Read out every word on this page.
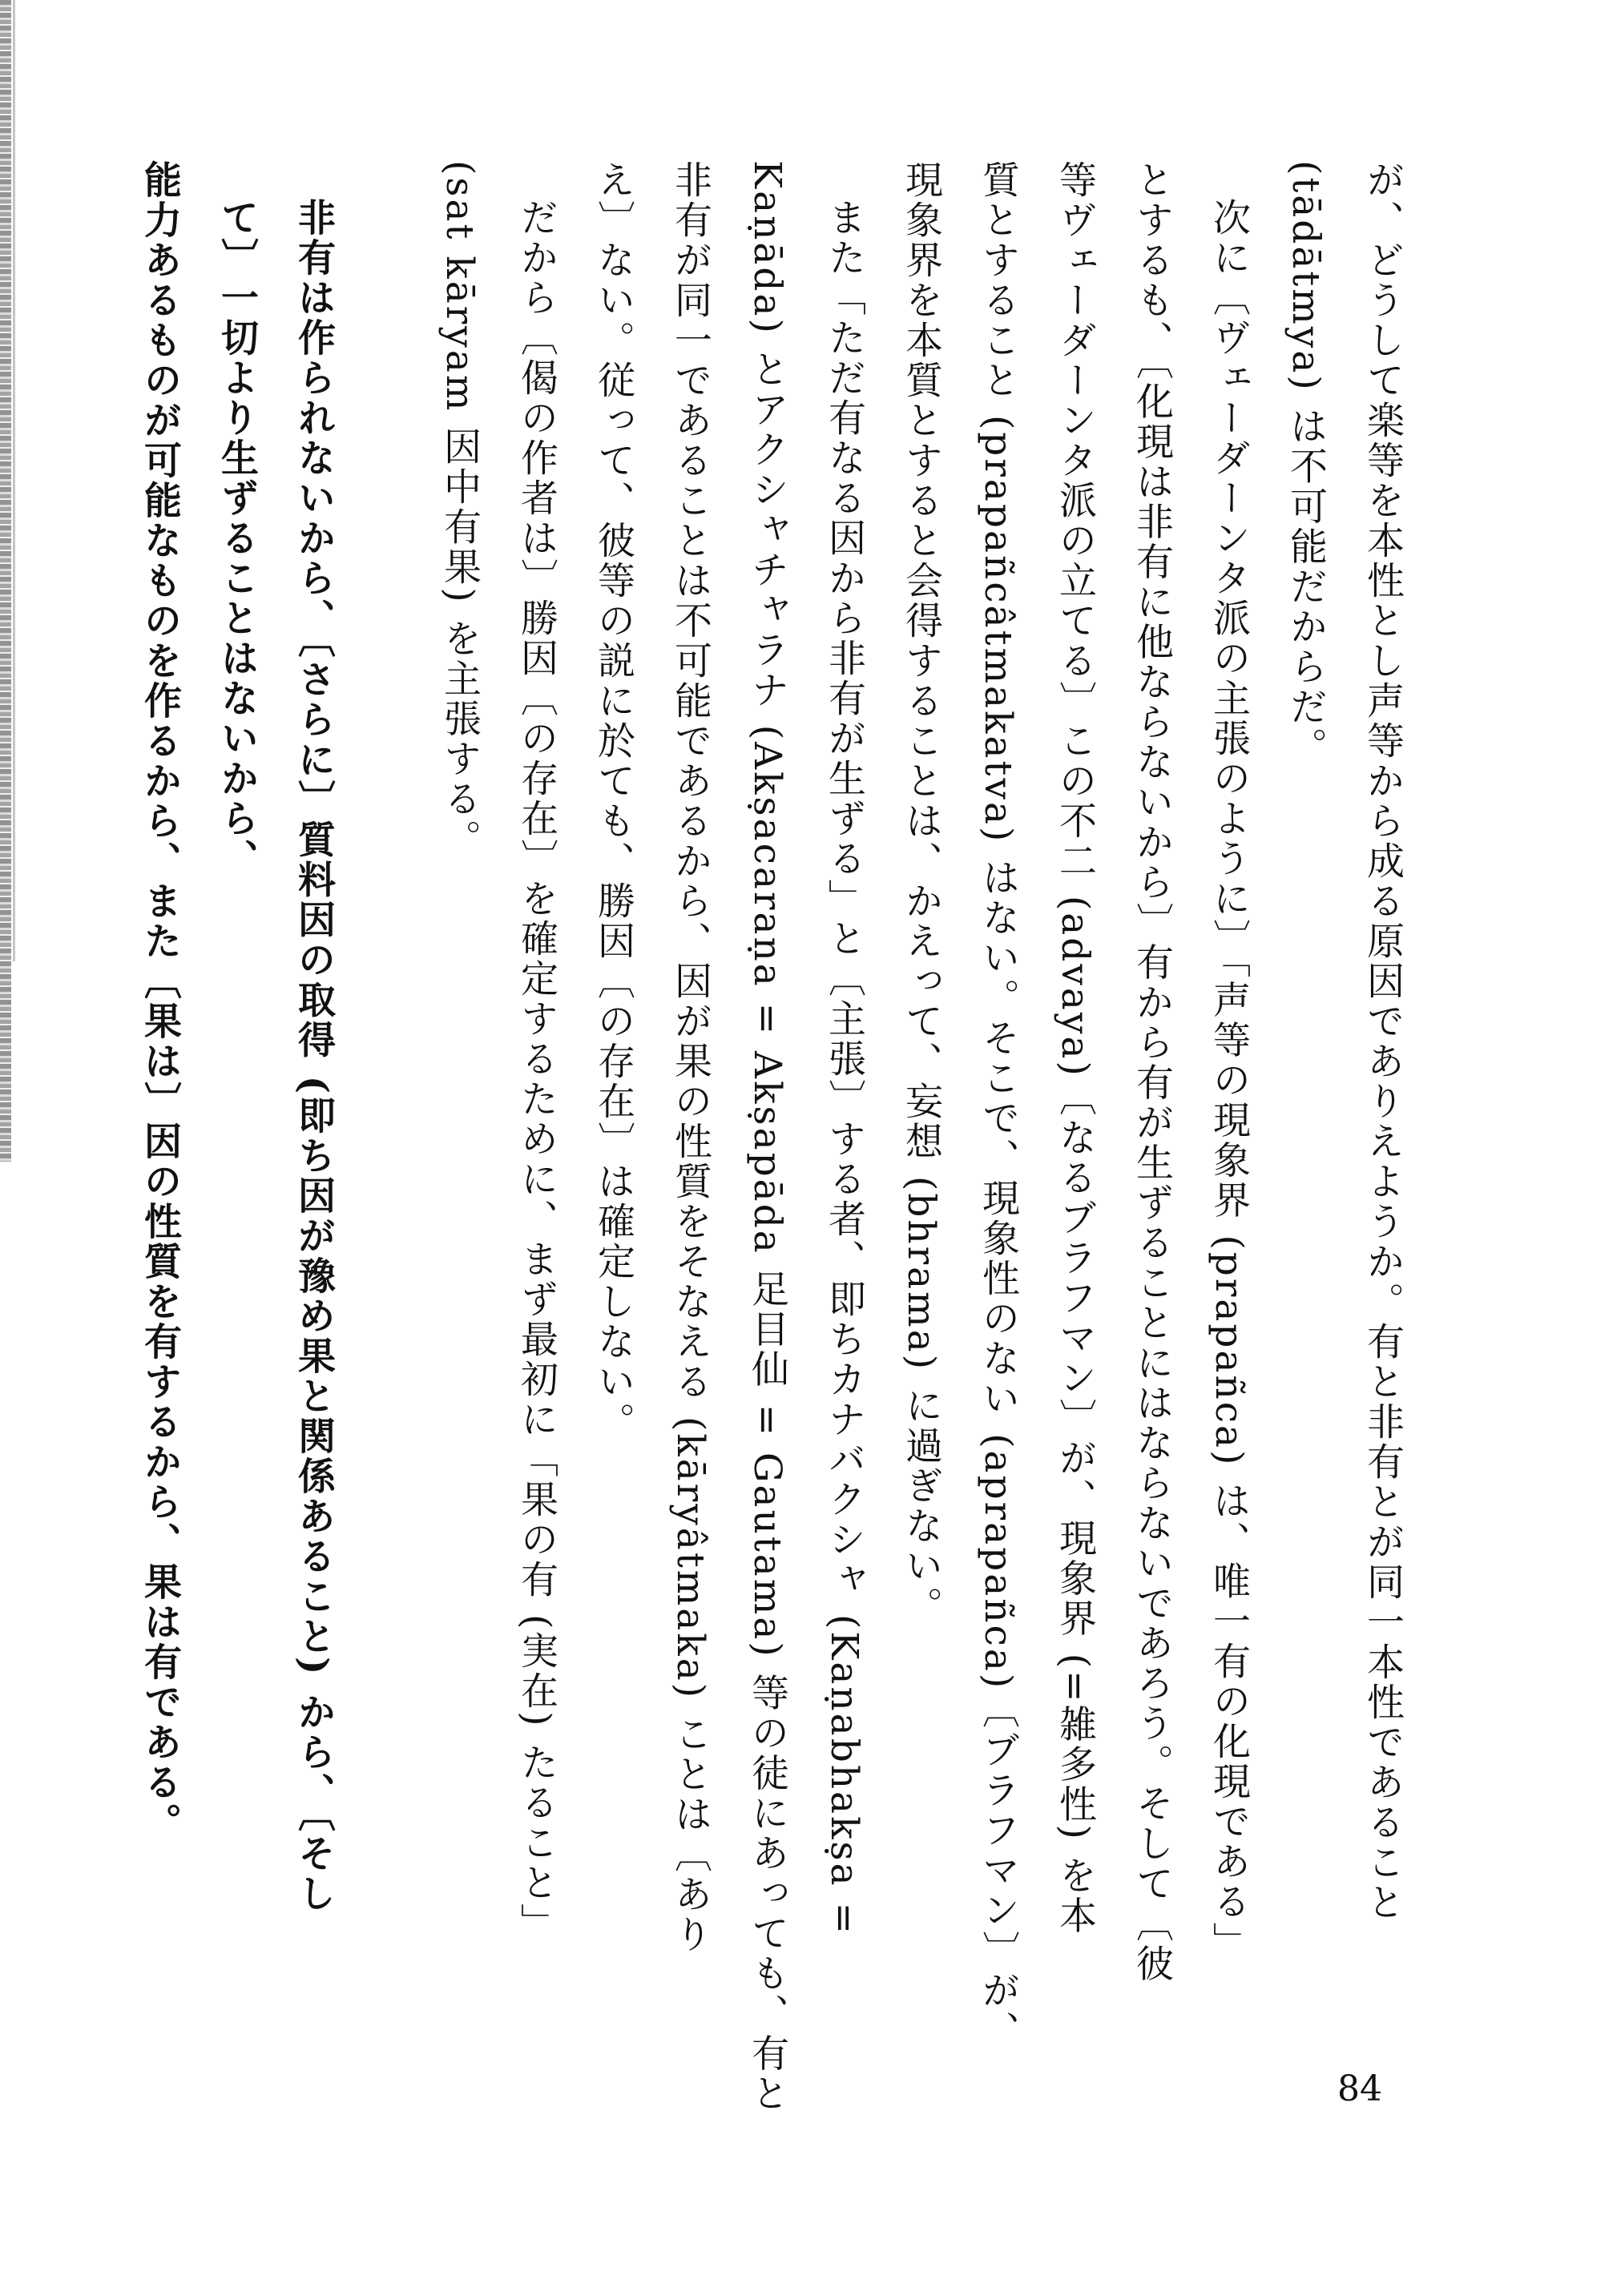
が、どうして楽等を本性とし声等から成る原因でありえようか。有と非有とが同一本性であること
(tādātmya) は不可能だからだ。
次に〔ヴェーダーンタ派の主張のように〕「声等の現象界 (prapañca) は、唯一有の化現である」
とするも、〔化現は非有に他ならないから〕有から有が生ずることにはならないであろう。そして〔彼
等ヴェーダーンタ派の立てる〕この不二 (advaya)〔なるブラフマン〕が、現象界 (=雑多性) を本
質とすること (prapañcâtmakatva) はない。そこで、現象性のない (aprapañca)〔ブラフマン〕が、
現象界を本質とすると会得することは、かえって、妄想 (bhrama) に過ぎない。
また「ただ有なる因から非有が生ずる」と〔主張〕する者、即ちカナバクシャ (Kaṇabhakṣa =
Kaṇāda) とアクシャチャラナ (Akṣacaraṇa = Akṣapāda 足目仙 = Gautama) 等の徒にあっても、有と
非有が同一であることは不可能であるから、因が果の性質をそなえる (kāryâtmaka) ことは〔あり
え〕ない。従って、彼等の説に於ても、勝因〔の存在〕は確定しない。
だから〔偈の作者は〕勝因〔の存在〕を確定するために、まず最初に「果の有 (実在) たること」
(sat kāryam 因中有果) を主張する。
非有は作られないから、〔さらに〕質料因の取得 (即ち因が豫め果と関係あること) から、〔そし
て〕一切より生ずることはないから、
能力あるものが可能なものを作るから、また〔果は〕因の性質を有するから、果は有である。
84
